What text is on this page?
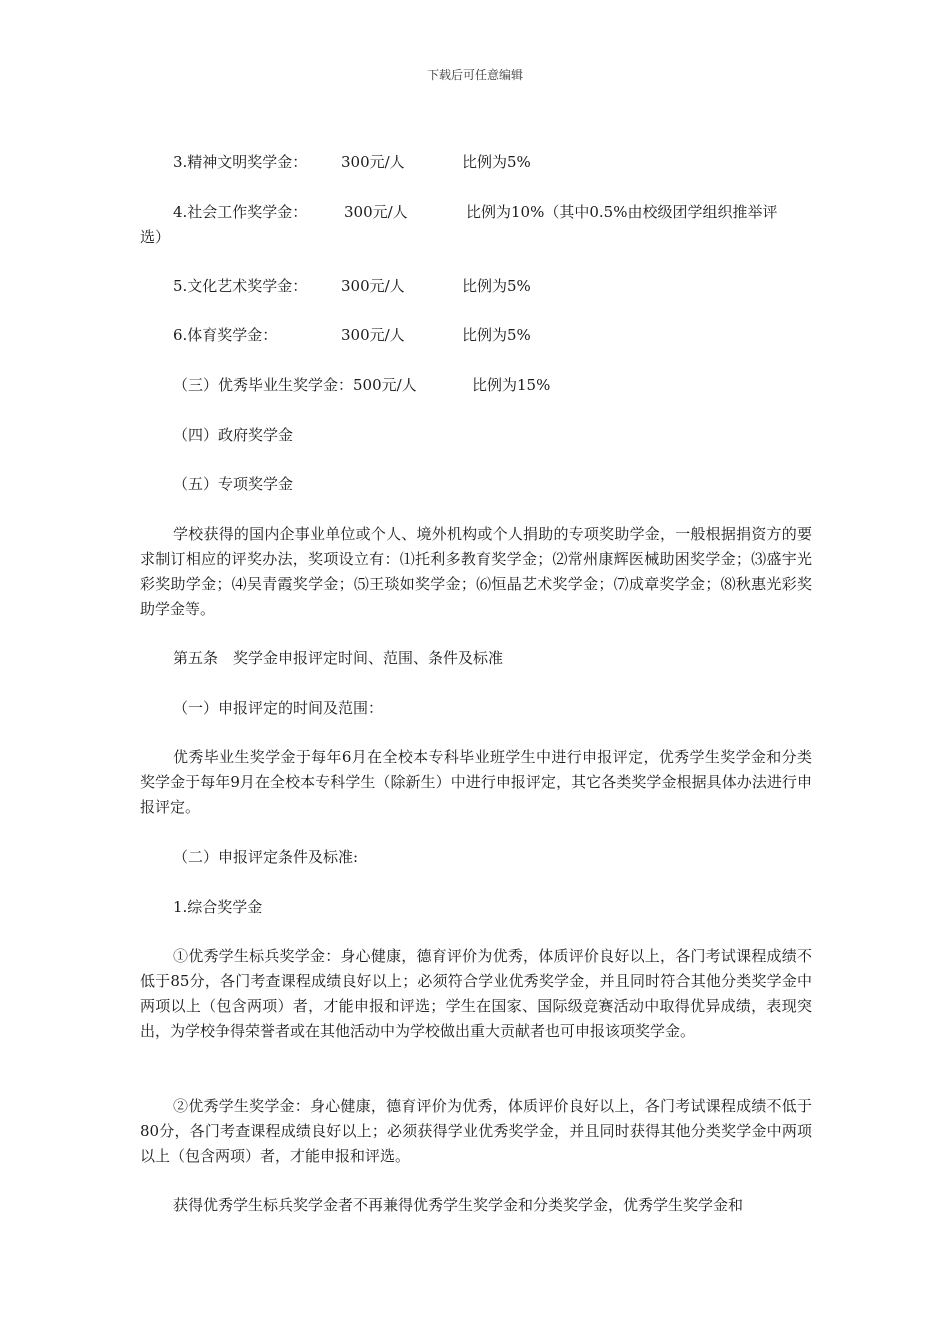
下载后可任意编辑
3.精神文明奖学金： 300元/人	比例为5%
4.社会工作奖学金： 300元/人	比例为10%（其中0.5%由校级团学组织推举评
选）
5.文化艺术奖学金： 300元/人	比例为5%
6.体育奖学金：	300元/人	比例为5%
（三）优秀毕业生奖学金：500元/人	比例为15%
（四）政府奖学金
（五）专项奖学金

学校获得的国内企事业单位或个人、境外机构或个人捐助的专项奖助学金，一般根据捐资方的要求制订相应的评奖办法，奖项设立有：⑴托利多教育奖学金；⑵常州康辉医械助困奖学金；⑶盛宇光彩奖助学金；⑷吴青霞奖学金；⑸王琰如奖学金；⑹恒晶艺术奖学金；⑺成章奖学金；⑻秋惠光彩奖助学金等。

第五条　奖学金申报评定时间、范围、条件及标准
（一）申报评定的时间及范围：

优秀毕业生奖学金于每年6月在全校本专科毕业班学生中进行申报评定，优秀学生奖学金和分类奖学金于每年9月在全校本专科学生（除新生）中进行申报评定，其它各类奖学金根据具体办法进行申报评定。

（二）申报评定条件及标准:
1.综合奖学金

①优秀学生标兵奖学金：身心健康，德育评价为优秀，体质评价良好以上，各门考试课程成绩不低于85分，各门考查课程成绩良好以上；必须符合学业优秀奖学金，并且同时符合其他分类奖学金中两项以上（包含两项）者，才能申报和评选；学生在国家、国际级竞赛活动中取得优异成绩，表现突出，为学校争得荣誉者或在其他活动中为学校做出重大贡献者也可申报该项奖学金。

②优秀学生奖学金：身心健康，德育评价为优秀，体质评价良好以上，各门考试课程成绩不低于80分，各门考查课程成绩良好以上；必须获得学业优秀奖学金，并且同时获得其他分类奖学金中两项以上（包含两项）者，才能申报和评选。

获得优秀学生标兵奖学金者不再兼得优秀学生奖学金和分类奖学金，优秀学生奖学金和
